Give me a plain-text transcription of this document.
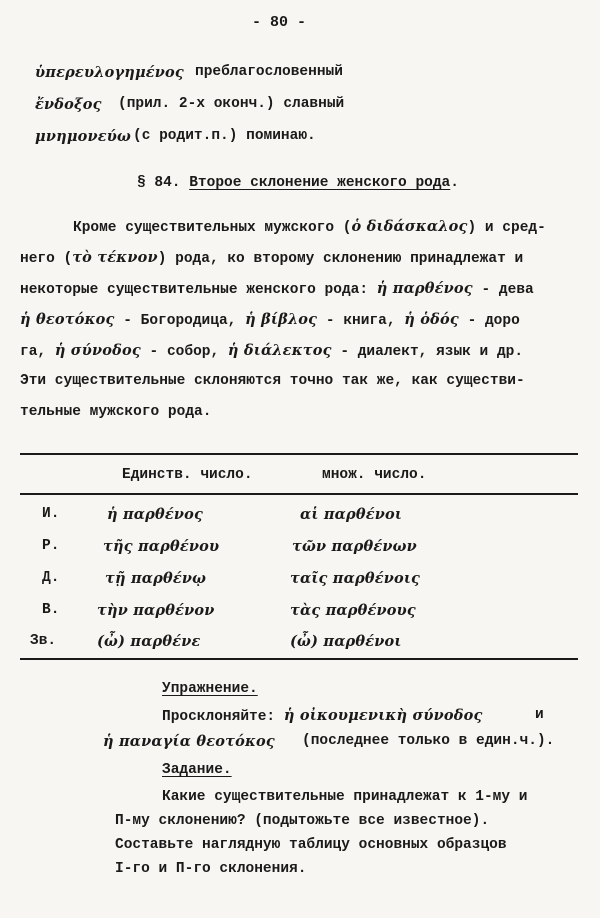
- 80 -
ὑπερευλογημένος преблагословенный
ἔνδοξος (прил. 2-х оконч.) славный
μνημονεύω (с родит.п.) поминаю.
§ 84. Второе склонение женского рода.
Кроме существительных мужского (ὁ διδάσκαλος) и сред-
него (τὸ τέκνον) рода, ко второму склонению принадлежат и
некоторые существительные женского рода: ἡ παρθένος - дева
ἡ θεοτόκος - Богородица, ἡ βίβλος - книга, ἡ ὁδός - доро
га, ἡ σύνοδος - собор, ἡ διάλεκτος - диалект, язык и др.
Эти существительные склоняются точно так же, как существи-
тельные мужского рода.
Единств. число.	множ. число.
И.	ἡ παρθένος	αἱ παρθένοι
Р.	τῆς παρθένου	τῶν παρθένων
Д.	τῇ παρθένῳ	ταῖς παρθένοις
В.	τὴν παρθένον	τὰς παρθένους
Зв.	(ὦ) παρθένε	(ὦ) παρθένοι
Упражнение.
Просклоняйте: ἡ οἰκουμενικὴ σύνοδος	и
ἡ παναγία θεοτόκος (последнее только в един.ч.).
Задание.
Какие существительные принадлежат к 1-му и
П-му склонению? (подытожьте все известное).
Составьте наглядную таблицу основных образцов
I-го и П-го склонения.
